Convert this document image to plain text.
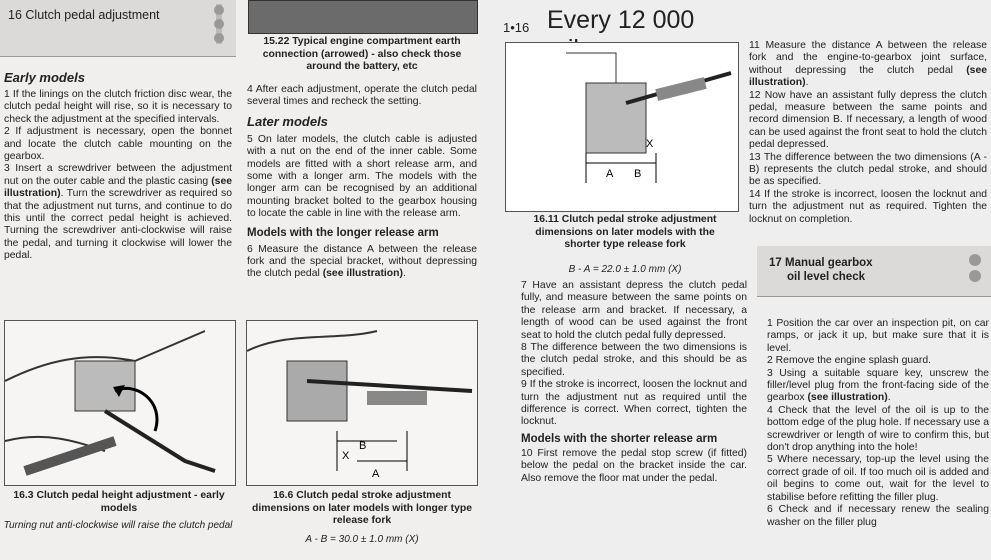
16 Clutch pedal adjustment
Early models

1 If the linings on the clutch friction disc wear, the clutch pedal height will rise, so it is necessary to check the adjustment at the specified intervals.

2 If adjustment is necessary, open the bonnet and locate the clutch cable mounting on the gearbox.

3 Insert a screwdriver between the adjustment nut on the outer cable and the plastic casing (see illustration). Turn the screwdriver as required so that the adjustment nut turns, and continue to do this until the correct pedal height is achieved. Turning the screwdriver anti-clockwise will raise the pedal, and turning it clockwise will lower the pedal.

15.22 Typical engine compartment earth connection (arrowed) - also check those around the battery, etc

4 After each adjustment, operate the clutch pedal several times and recheck the setting.

Later models

5 On later models, the clutch cable is adjusted with a nut on the end of the inner cable. Some models are fitted with a short release arm, and some with a longer arm. The models with the longer arm can be recognised by an additional mounting bracket bolted to the gearbox housing to locate the cable in line with the release arm.

Models with the longer release arm

6 Measure the distance A between the release fork and the special bracket, without depressing the clutch pedal (see illustration).

16.3 Clutch pedal height adjustment - early models
Turning nut anti-clockwise will raise the clutch pedal
B
X
A
16.6 Clutch pedal stroke adjustment dimensions on later models with longer type release fork
A - B = 30.0 ± 1.0 mm (X)
1•16 Every 12 000
A B
X
16.11 Clutch pedal stroke adjustment dimensions on later models with the shorter type release fork
B - A = 22.0 ± 1.0 mm (X)

7 Have an assistant depress the clutch pedal fully, and measure between the same points on the release arm and bracket. If necessary, a length of wood can be used against the front seat to hold the clutch pedal fully depressed.

8 The difference between the two dimensions is the clutch pedal stroke, and this should be as specified.

9 If the stroke is incorrect, loosen the locknut and turn the adjustment nut as required until the difference is correct. When correct, tighten the locknut.

Models with the shorter release arm

10 First remove the pedal stop screw (if fitted) below the pedal on the bracket inside the car. Also remove the floor mat under the pedal.

11 Measure the distance A between the release fork and the engine-to-gearbox joint surface, without depressing the clutch pedal (see illustration).

12 Now have an assistant fully depress the clutch pedal, measure between the same points and record dimension B. If necessary, a length of wood can be used against the front seat to hold the clutch pedal depressed.

13 The difference between the two dimensions (A - B) represents the clutch pedal stroke, and should be as specified.

14 If the stroke is incorrect, loosen the locknut and turn the adjustment nut as required. Tighten the locknut on completion.

17 Manual gearbox
oil level check

1 Position the car over an inspection pit, on car ramps, or jack it up, but make sure that it is level.

2 Remove the engine splash guard.

3 Using a suitable square key, unscrew the filler/level plug from the front-facing side of the gearbox (see illustration).

4 Check that the level of the oil is up to the bottom edge of the plug hole. If necessary use a screwdriver or length of wire to confirm this, but don't drop anything into the hole!

5 Where necessary, top-up the level using the correct grade of oil. If too much oil is added and oil begins to come out, wait for the level to stabilise before refitting the filler plug.

6 Check and if necessary renew the sealing washer on the filler plug
